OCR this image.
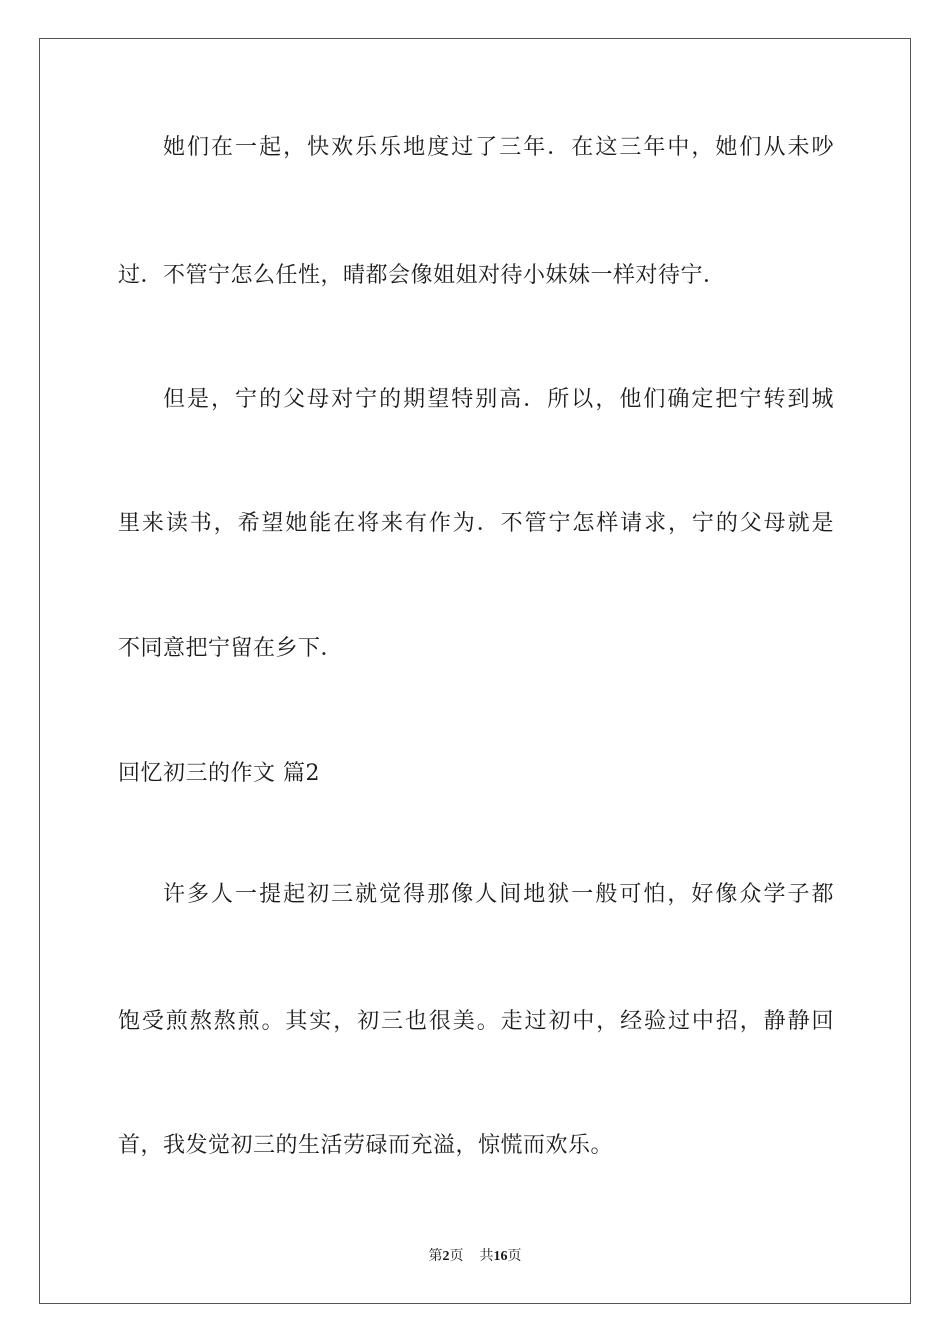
她们在一起，快欢乐乐地度过了三年．在这三年中，她们从未吵
过．不管宁怎么任性，晴都会像姐姐对待小妹妹一样对待宁．
但是，宁的父母对宁的期望特别高．所以，他们确定把宁转到城
里来读书，希望她能在将来有作为．不管宁怎样请求，宁的父母就是
不同意把宁留在乡下．
回忆初三的作文 篇2
许多人一提起初三就觉得那像人间地狱一般可怕，好像众学子都
饱受煎熬熬煎。其实，初三也很美。走过初中，经验过中招，静静回
首，我发觉初三的生活劳碌而充溢，惊慌而欢乐。
第2页 共16页
